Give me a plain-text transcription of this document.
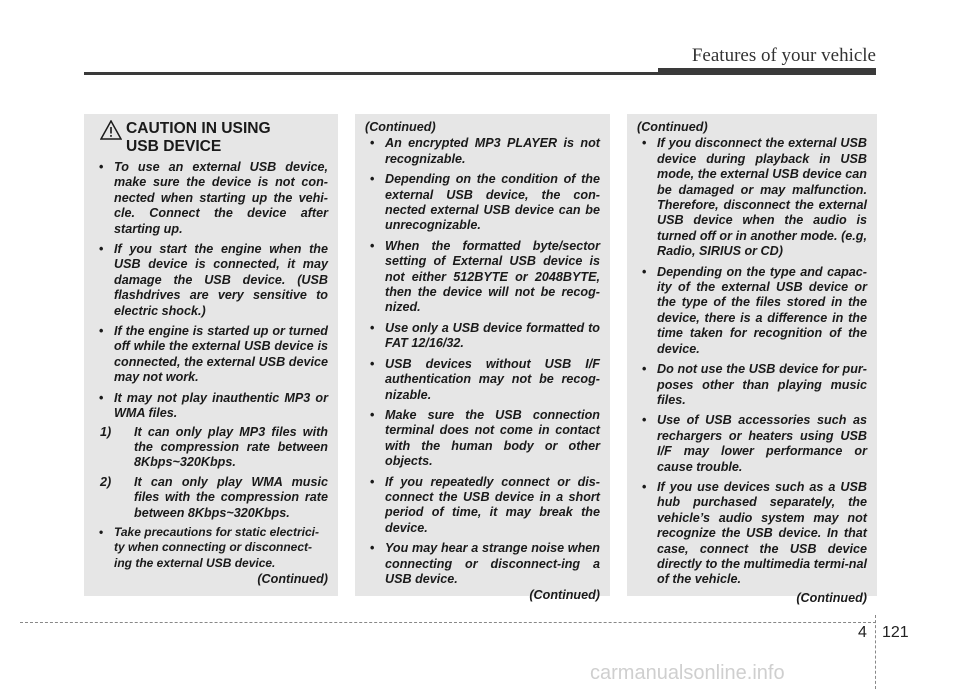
Features of your vehicle
CAUTION IN USING
USB DEVICE
• To use an external USB device, make sure the device is not con-nected when starting up the vehi-cle. Connect the device after starting up.
• If you start the engine when the USB device is connected, it may damage the USB device. (USB flashdrives are very sensitive to electric shock.)
• If the engine is started up or turned off while the external USB device is connected, the external USB device may not work.
• It may not play inauthentic MP3 or WMA files.
1)	It can only play MP3 files with the compression rate between 8Kbps~320Kbps.
2)	It can only play WMA music files with the compression rate between 8Kbps~320Kbps.
• Take precautions for static electrici-ty when connecting or disconnect-ing the external USB device.
(Continued)
(Continued)
• An encrypted MP3 PLAYER is not recognizable.
• Depending on the condition of the external USB device, the con-nected external USB device can be unrecognizable.
• When the formatted byte/sector setting of External USB device is not either 512BYTE or 2048BYTE, then the device will not be recog-nized.
• Use only a USB device formatted to FAT 12/16/32.
• USB devices without USB I/F authentication may not be recog-nizable.
• Make sure the USB connection terminal does not come in contact with the human body or other objects.
• If you repeatedly connect or dis-connect the USB device in a short period of time, it may break the device.
• You may hear a strange noise when connecting or disconnect-ing a USB device.
(Continued)
(Continued)
• If you disconnect the external USB device during playback in USB mode, the external USB device can be damaged or may malfunction. Therefore, disconnect the external USB device when the audio is turned off or in another mode. (e.g, Radio, SIRIUS or CD)
• Depending on the type and capac-ity of the external USB device or the type of the files stored in the device, there is a difference in the time taken for recognition of the device.
• Do not use the USB device for pur-poses other than playing music files.
• Use of USB accessories such as rechargers or heaters using USB I/F may lower performance or cause trouble.
• If you use devices such as a USB hub purchased separately, the vehicle’s audio system may not recognize the USB device. In that case, connect the USB device directly to the multimedia termi-nal of the vehicle.
(Continued)
4 121
carmanualsonline.info
